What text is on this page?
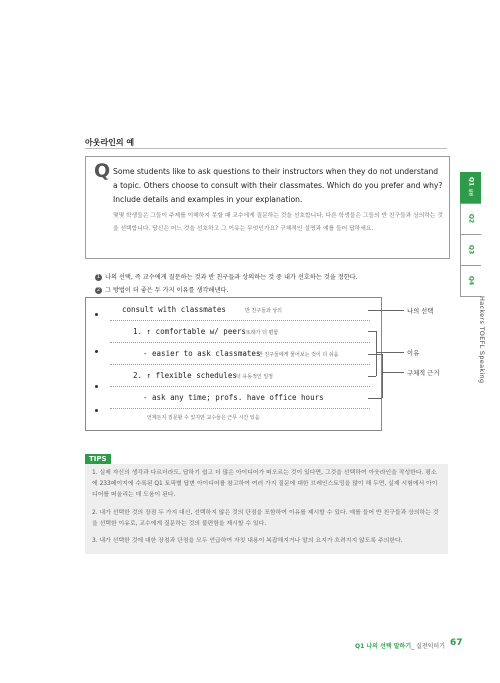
아웃라인의 예
Q Some students like to ask questions to their instructors when they do not understand a topic. Others choose to consult with their classmates. Which do you prefer and why? Include details and examples in your explanation.
몇몇 학생들은 그들이 주제를 이해하지 못할 때 교수에게 질문하는 것을 선호합니다. 다른 학생들은 그들의 반 친구들과 상의하는 것을 선택합니다. 당신은 어느 것을 선호하고 그 이유는 무엇인가요? 구체적인 설명과 예를 들어 답하세요.
1 나의 선택, 즉 교수에게 질문하는 것과 반 친구들과 상의하는 것 중 내가 선호하는 것을 정한다.
2 그 방법이 더 좋은 두 가지 이유를 생각해낸다.
consult with classmates	반 친구들과 상의
1. ↑ comfortable w/ peers 또래가 더 편함
- easier to ask classmates
반 친구들에게 물어보는 것이 더 쉬움
2. ↑ flexible schedules 더 유동적인 일정
- ask any time; profs. have office hours
언제든지 질문할 수 있지만 교수들은 근무 시간 있음
나의 선택
이유
구체적 근거
TIPS
1. 실제 자신의 생각과 다르더라도, 답하기 쉽고 더 많은 아이디어가 떠오르는 것이 있다면, 그것을 선택하여 아웃라인을 작성한다. 평소에 233페이지에 수록된 Q1 토픽별 답변 아이디어를 참고하여 여러 가지 질문에 대한 브레인스토밍을 많이 해 두면, 실제 시험에서 아이디어를 떠올리는 데 도움이 된다.
2. 내가 선택한 것의 장점 두 가지 대신, 선택하지 않은 것의 단점을 포함하여 이유를 제시할 수 있다. 예를 들어 반 친구들과 상의하는 것을 선택한 이유로, 교수에게 질문하는 것의 불편함을 제시할 수 있다.
3. 내가 선택한 것에 대한 장점과 단점을 모두 언급하여 자칫 내용이 복잡해지거나 말의 요지가 흐려지지 않도록 주의한다.
Q1 실전
Q2
Q3
Q4
Hackers TOEFL Speaking
Q1 나의 선택 말하기_ 실전익히기 67
